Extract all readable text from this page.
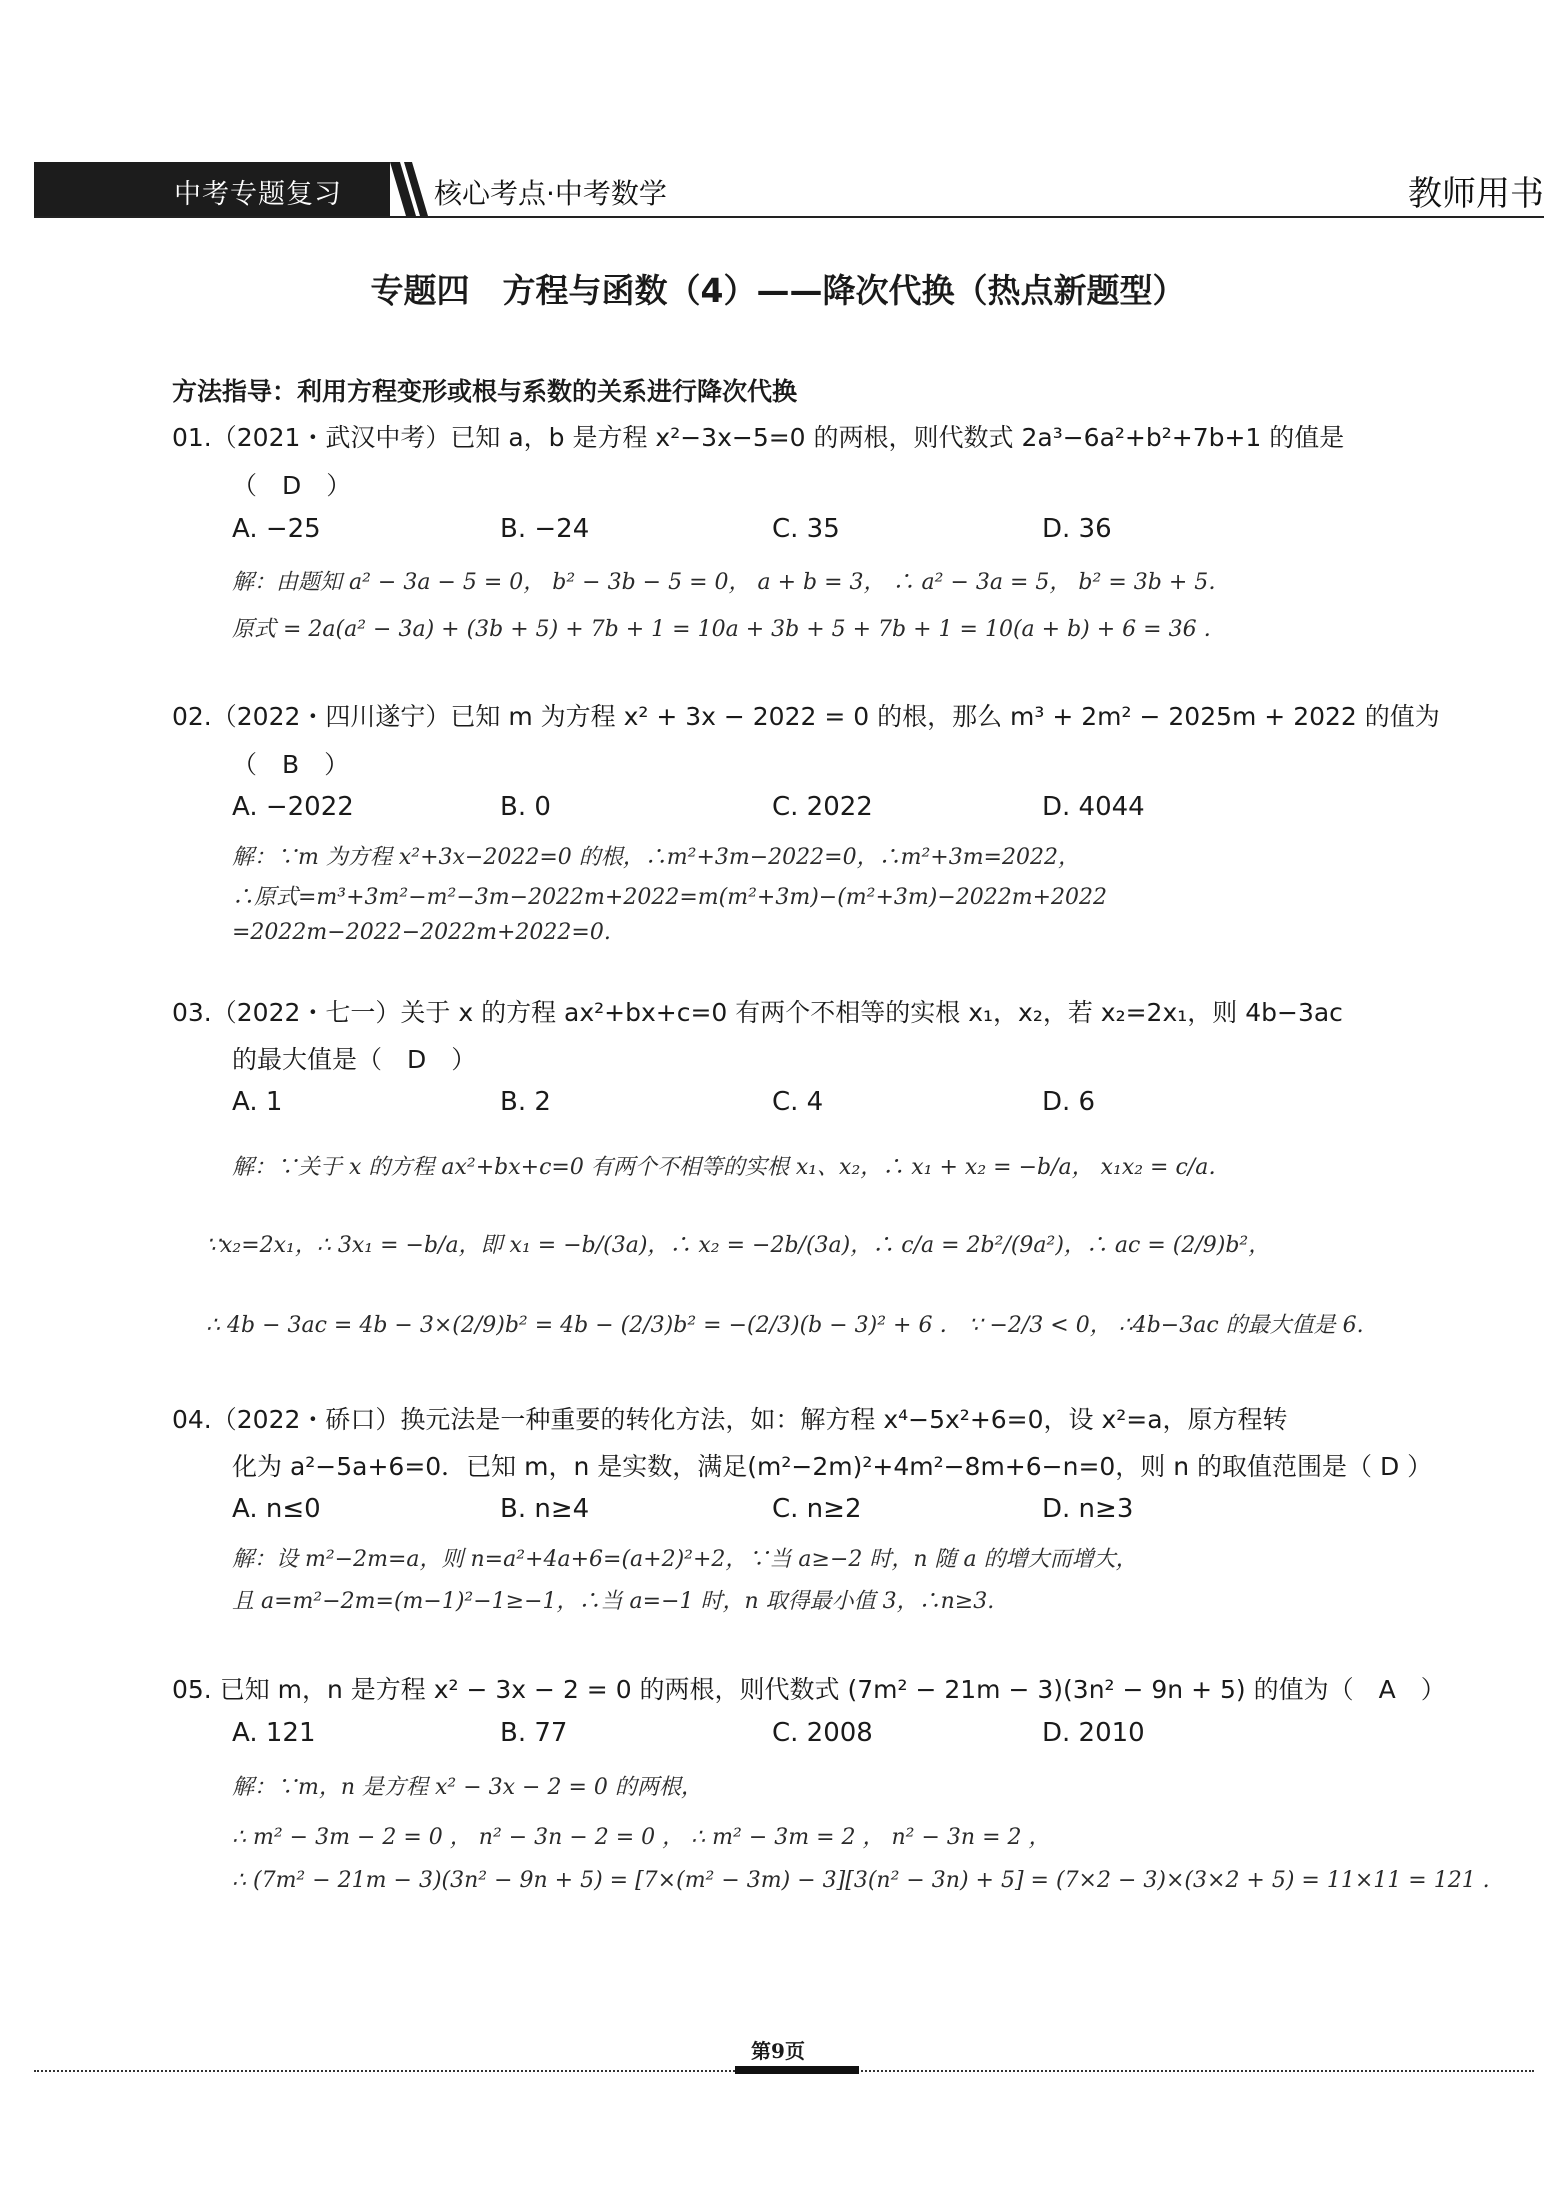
中考专题复习	核心考点·中考数学	教师用书
专题四　方程与函数（4）——降次代换（热点新题型）
方法指导：利用方程变形或根与系数的关系进行降次代换
01.（2021・武汉中考）已知 a，b 是方程 x²−3x−5=0 的两根，则代数式 2a³−6a²+b²+7b+1 的值是
（　D　）
A. −25	B. −24	C. 35	D. 36
解：由题知 a² − 3a − 5 = 0， b² − 3b − 5 = 0， a + b = 3， ∴ a² − 3a = 5， b² = 3b + 5．
原式 = 2a(a² − 3a) + (3b + 5) + 7b + 1 = 10a + 3b + 5 + 7b + 1 = 10(a + b) + 6 = 36 ．
02.（2022・四川遂宁）已知 m 为方程 x² + 3x − 2022 = 0 的根，那么 m³ + 2m² − 2025m + 2022 的值为
（　B　）
A. −2022	B. 0	C. 2022	D. 4044
解：∵m 为方程 x²+3x−2022=0 的根，∴m²+3m−2022=0，∴m²+3m=2022，
∴原式=m³+3m²−m²−3m−2022m+2022=m(m²+3m)−(m²+3m)−2022m+2022
=2022m−2022−2022m+2022=0.
03.（2022・七一）关于 x 的方程 ax²+bx+c=0 有两个不相等的实根 x₁，x₂，若 x₂=2x₁，则 4b−3ac
的最大值是（　D　）
A. 1	B. 2	C. 4	D. 6
解：∵关于 x 的方程 ax²+bx+c=0 有两个不相等的实根 x₁、x₂，∴ x₁ + x₂ = −b/a， x₁x₂ = c/a．
∵x₂=2x₁，∴ 3x₁ = −b/a，即 x₁ = −b/(3a)，∴ x₂ = −2b/(3a)，∴ c/a = 2b²/(9a²)，∴ ac = (2/9)b²，
∴ 4b − 3ac = 4b − 3×(2/9)b² = 4b − (2/3)b² = −(2/3)(b − 3)² + 6 ． ∵ −2/3 < 0， ∴4b−3ac 的最大值是 6.
04.（2022・硚口）换元法是一种重要的转化方法，如：解方程 x⁴−5x²+6=0，设 x²=a，原方程转
化为 a²−5a+6=0．已知 m，n 是实数，满足(m²−2m)²+4m²−8m+6−n=0，则 n 的取值范围是（ D ）
A. n≤0	B. n≥4	C. n≥2	D. n≥3
解：设 m²−2m=a，则 n=a²+4a+6=(a+2)²+2，∵当 a≥−2 时，n 随 a 的增大而增大，
且 a=m²−2m=(m−1)²−1≥−1，∴当 a=−1 时，n 取得最小值 3，∴n≥3.
05. 已知 m，n 是方程 x² − 3x − 2 = 0 的两根，则代数式 (7m² − 21m − 3)(3n² − 9n + 5) 的值为（　A　）
A. 121	B. 77	C. 2008	D. 2010
解：∵m，n 是方程 x² − 3x − 2 = 0 的两根，
∴ m² − 3m − 2 = 0 ， n² − 3n − 2 = 0 ， ∴ m² − 3m = 2 ， n² − 3n = 2 ，
∴ (7m² − 21m − 3)(3n² − 9n + 5) = [7×(m² − 3m) − 3][3(n² − 3n) + 5] = (7×2 − 3)×(3×2 + 5) = 11×11 = 121 .
第9页
